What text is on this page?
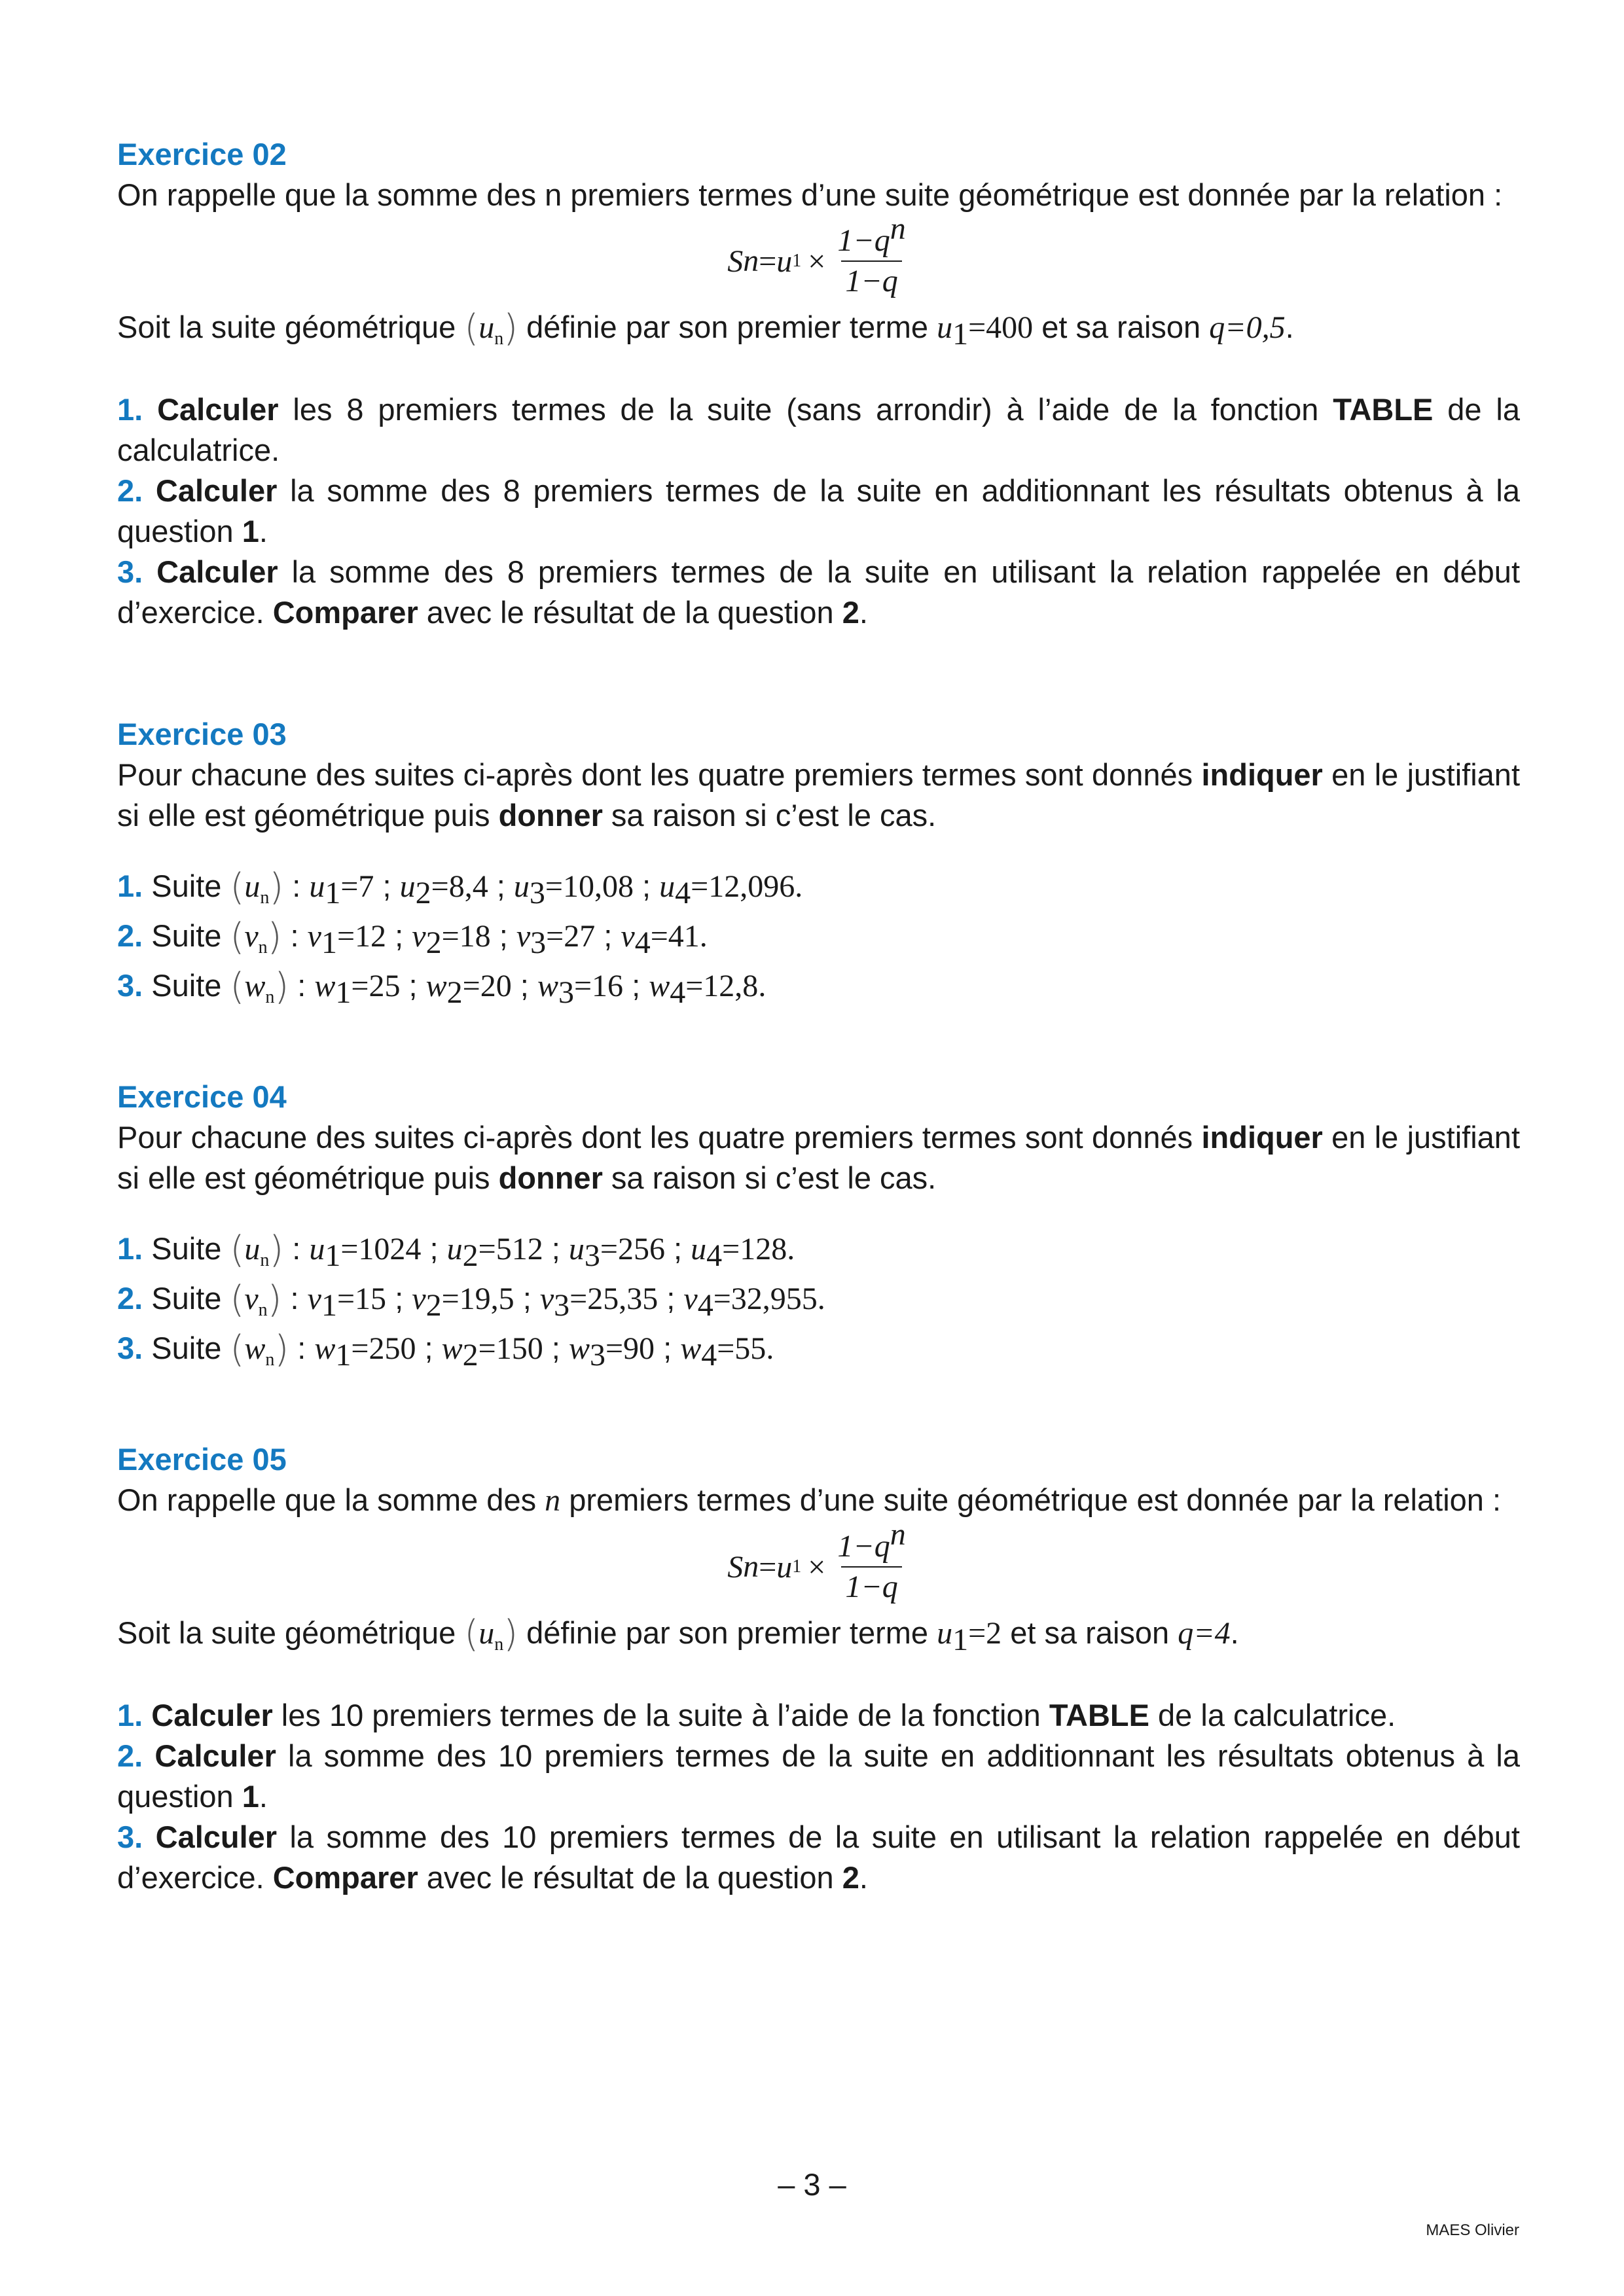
Exercice 02

On rappelle que la somme des n premiers termes d’une suite géométrique est donnée par la relation :

S n = u $1 \times \frac{1-q^n}{1-q}$

Soit la suite géométrique $(u_n)$ définie par son premier terme $u_1=400$ et sa raison q=0,5.

1. Calculer les 8 premiers termes de la suite (sans arrondir) à l’aide de la fonction TABLE de la calculatrice.

2. Calculer la somme des 8 premiers termes de la suite en additionnant les résultats obtenus à la question 1.

3. Calculer la somme des 8 premiers termes de la suite en utilisant la relation rappelée en début d’exercice. Comparer avec le résultat de la question 2.

Exercice 03

Pour chacune des suites ci-après dont les quatre premiers termes sont donnés indiquer en le justifiant si elle est géométrique puis donner sa raison si c’est le cas.

1. Suite $(u_n)$ : $u_1=7$ ; $u_2=8,4$ ; $u_3=10,08$ ; $u_4=12,096$.
2. Suite $(v_n)$ : $v_1=12$ ; $v_2=18$ ; $v_3=27$ ; $v_4=41$.
3. Suite $(w_n)$ : $w_1=25$ ; $w_2=20$ ; $w_3=16$ ; $w_4=12,8$.
Exercice 04

Pour chacune des suites ci-après dont les quatre premiers termes sont donnés indiquer en le justifiant si elle est géométrique puis donner sa raison si c’est le cas.

1. Suite $(u_n)$ : $u_1=1024$ ; $u_2=512$ ; $u_3=256$ ; $u_4=128$.
2. Suite $(v_n)$ : $v_1=15$ ; $v_2=19,5$ ; $v_3=25,35$ ; $v_4=32,955$.
3. Suite $(w_n)$ : $w_1=250$ ; $w_2=150$ ; $w_3=90$ ; $w_4=55$.
Exercice 05

On rappelle que la somme des n premiers termes d’une suite géométrique est donnée par la relation :

S n = u $1 \times \frac{1-q^n}{1-q}$

Soit la suite géométrique $(u_n)$ définie par son premier terme $u_1=2$ et sa raison q=4.

1. Calculer les 10 premiers termes de la suite à l’aide de la fonction TABLE de la calculatrice.

2. Calculer la somme des 10 premiers termes de la suite en additionnant les résultats obtenus à la question 1.

3. Calculer la somme des 10 premiers termes de la suite en utilisant la relation rappelée en début d’exercice. Comparer avec le résultat de la question 2.

– 3 –
MAES Olivier
